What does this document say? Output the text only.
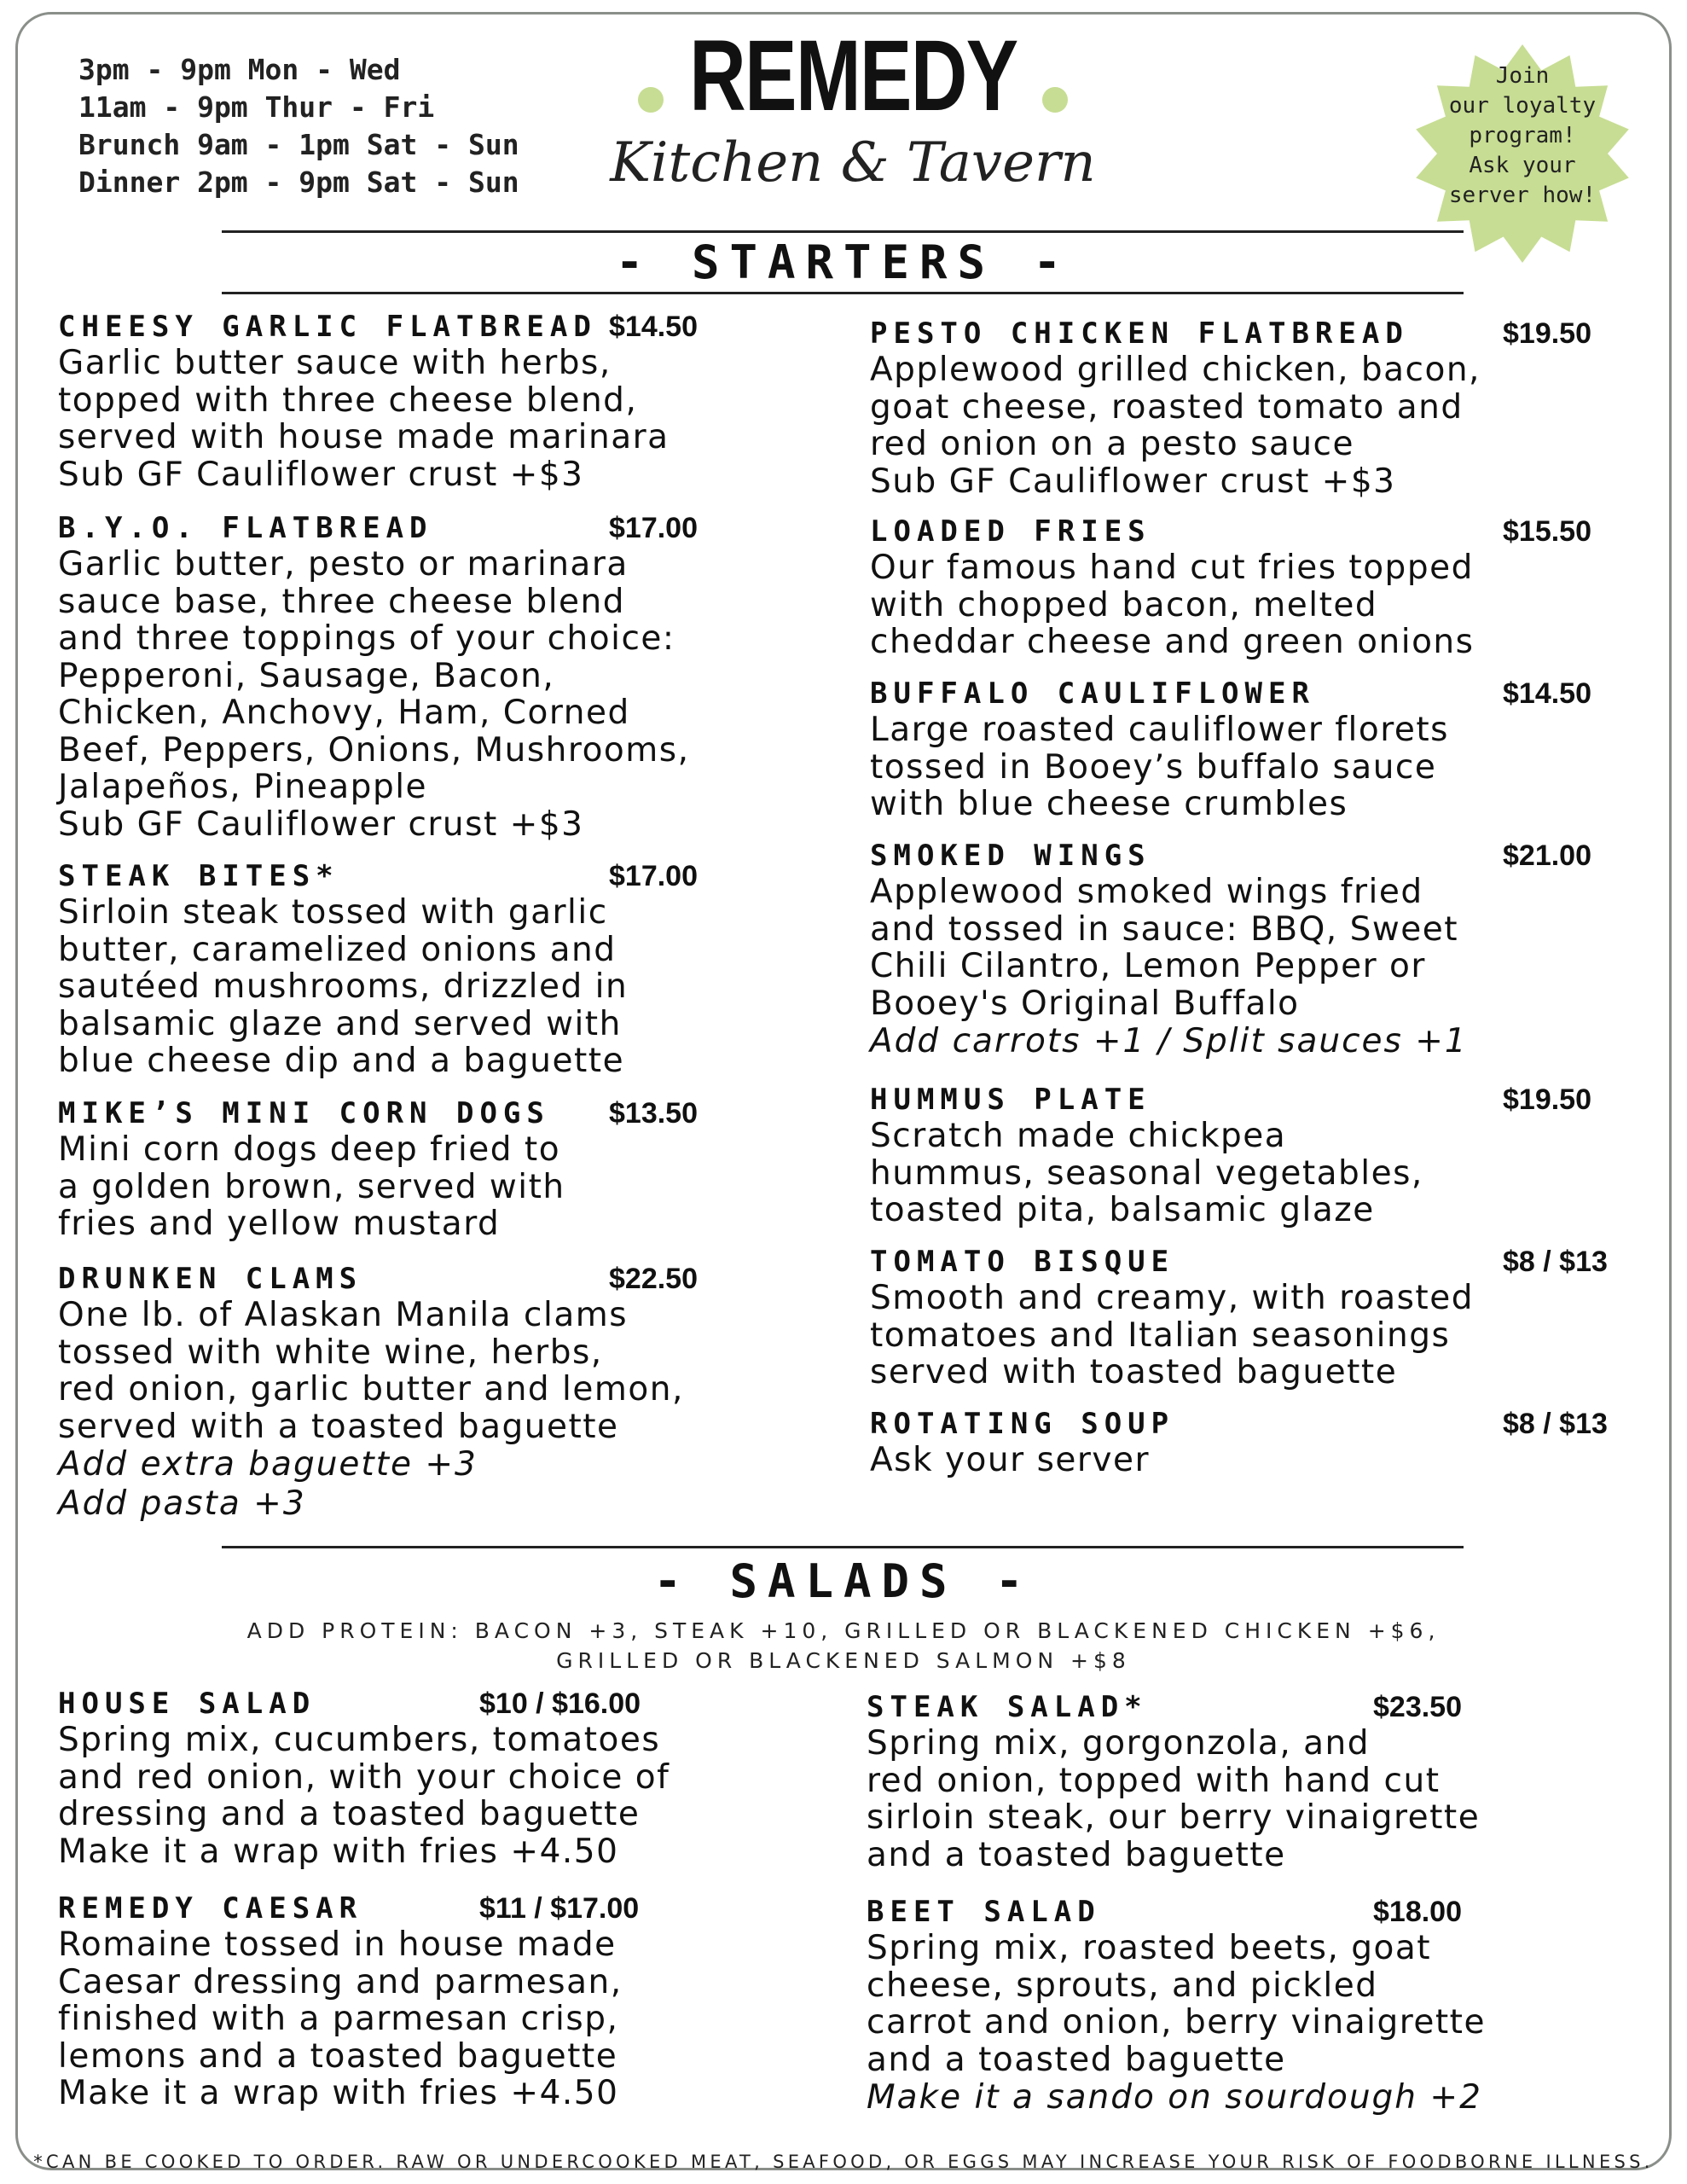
3pm - 9pm Mon - Wed
11am - 9pm Thur - Fri
Brunch 9am - 1pm Sat - Sun
Dinner 2pm - 9pm Sat - Sun
REMEDY
Kitchen & Tavern
Join
our loyalty
program!
Ask your
server how!
- STARTERS -
CHEESY GARLIC FLATBREAD $14.50
Garlic butter sauce with herbs,
topped with three cheese blend,
served with house made marinara
Sub GF Cauliflower crust +$3
B.Y.O. FLATBREAD	$17.00
Garlic butter, pesto or marinara
sauce base, three cheese blend
and three toppings of your choice:
Pepperoni, Sausage, Bacon,
Chicken, Anchovy, Ham, Corned
Beef, Peppers, Onions, Mushrooms,
Jalapeños, Pineapple
Sub GF Cauliflower crust +$3
STEAK BITES*	$17.00
Sirloin steak tossed with garlic
butter, caramelized onions and
sautéed mushrooms, drizzled in
balsamic glaze and served with
blue cheese dip and a baguette
MIKE’S MINI CORN DOGS $13.50
Mini corn dogs deep fried to
a golden brown, served with
fries and yellow mustard
DRUNKEN CLAMS	$22.50
One lb. of Alaskan Manila clams
tossed with white wine, herbs,
red onion, garlic butter and lemon,
served with a toasted baguette
Add extra baguette +3
Add pasta +3
PESTO CHICKEN FLATBREAD	$19.50
Applewood grilled chicken, bacon,
goat cheese, roasted tomato and
red onion on a pesto sauce
Sub GF Cauliflower crust +$3
LOADED FRIES	$15.50
Our famous hand cut fries topped
with chopped bacon, melted
cheddar cheese and green onions
BUFFALO CAULIFLOWER	$14.50
Large roasted cauliflower florets
tossed in Booey’s buffalo sauce
with blue cheese crumbles
SMOKED WINGS	$21.00
Applewood smoked wings fried
and tossed in sauce: BBQ, Sweet
Chili Cilantro, Lemon Pepper or
Booey's Original Buffalo
Add carrots +1 / Split sauces +1
HUMMUS PLATE	$19.50
Scratch made chickpea
hummus, seasonal vegetables,
toasted pita, balsamic glaze
TOMATO BISQUE	$8 / $13
Smooth and creamy, with roasted
tomatoes and Italian seasonings
served with toasted baguette
ROTATING SOUP	$8 / $13
Ask your server
- SALADS -
ADD PROTEIN: BACON +3, STEAK +10, GRILLED OR BLACKENED CHICKEN +$6,
GRILLED OR BLACKENED SALMON +$8
HOUSE SALAD	$10 / $16.00
Spring mix, cucumbers, tomatoes
and red onion, with your choice of
dressing and a toasted baguette
Make it a wrap with fries +4.50
REMEDY CAESAR	$11 / $17.00
Romaine tossed in house made
Caesar dressing and parmesan,
finished with a parmesan crisp,
lemons and a toasted baguette
Make it a wrap with fries +4.50
STEAK SALAD*	$23.50
Spring mix, gorgonzola, and
red onion, topped with hand cut
sirloin steak, our berry vinaigrette
and a toasted baguette
BEET SALAD	$18.00
Spring mix, roasted beets, goat
cheese, sprouts, and pickled
carrot and onion, berry vinaigrette
and a toasted baguette
Make it a sando on sourdough +2
*CAN BE COOKED TO ORDER. RAW OR UNDERCOOKED MEAT, SEAFOOD, OR EGGS MAY INCREASE YOUR RISK OF FOODBORNE ILLNESS.
